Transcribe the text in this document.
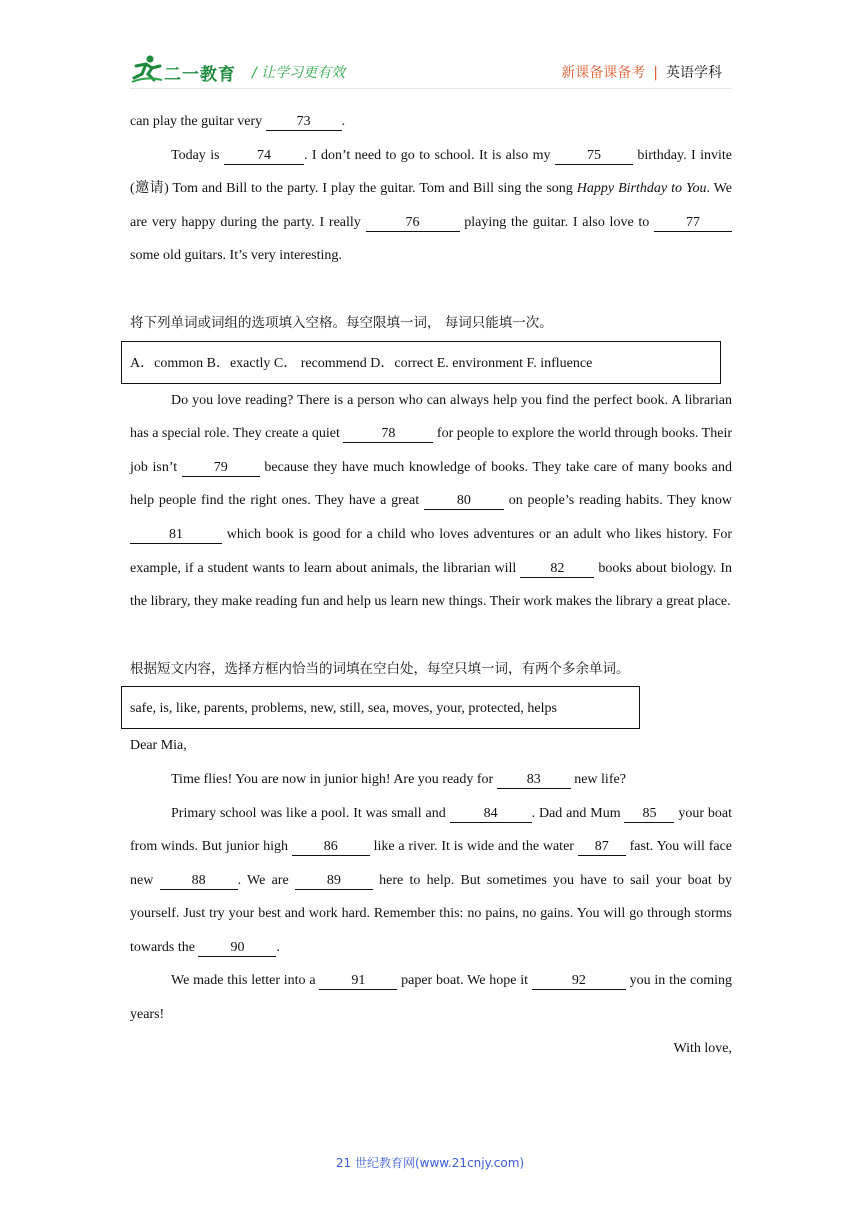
二一教育 / 让学习更有效	新课备课备考 | 英语学科

can play the guitar very 73 .

Today is 74 . I don’t need to go to school. It is also my 75 birthday. I invite (邀请) Tom and Bill to the party. I play the guitar. Tom and Bill sing the song Happy Birthday to You. We are very happy during the party. I really	76	playing the guitar. I also love to 77 some old guitars. It’s very interesting.

将下列单词或词组的选项填入空格。每空限填一词， 每词只能填一次。

A．common B．exactly C． recommend D．correct E. environment F. influence

Do you love reading? There is a person who can always help you find the perfect book. A librarian has a special role. They create a quiet	78	for people to explore the world through books. Their job isn’t 79 because they have much knowledge of books. They take care of many books and help people find the right ones. They have a great 80 on people’s reading habits. They know 81	which book is good for a child who loves adventures or an adult who likes history. For example, if a student wants to learn about animals, the librarian will 82 books about biology. In the library, they make reading fun and help us learn new things. Their work makes the library a great place.

根据短文内容，选择方框内恰当的词填在空白处，每空只填一词，有两个多余单词。

safe, is, like, parents, problems, new, still, sea, moves, your, protected, helps

Dear Mia,

Time flies! You are now in junior high! Are you ready for 83 new life?

Primary school was like a pool. It was small and 84 . Dad and Mum 85 your boat from winds. But junior high 86 like a river. It is wide and the water 87 fast. You will face new 88 . We are 89 here to help. But sometimes you have to sail your boat by yourself. Just try your best and work hard. Remember this: no pains, no gains. You will go through storms towards the 90 .

We made this letter into a 91 paper boat. We hope it	92	you in the coming years!

With love,

21 世纪教育网(www.21cnjy.com)
